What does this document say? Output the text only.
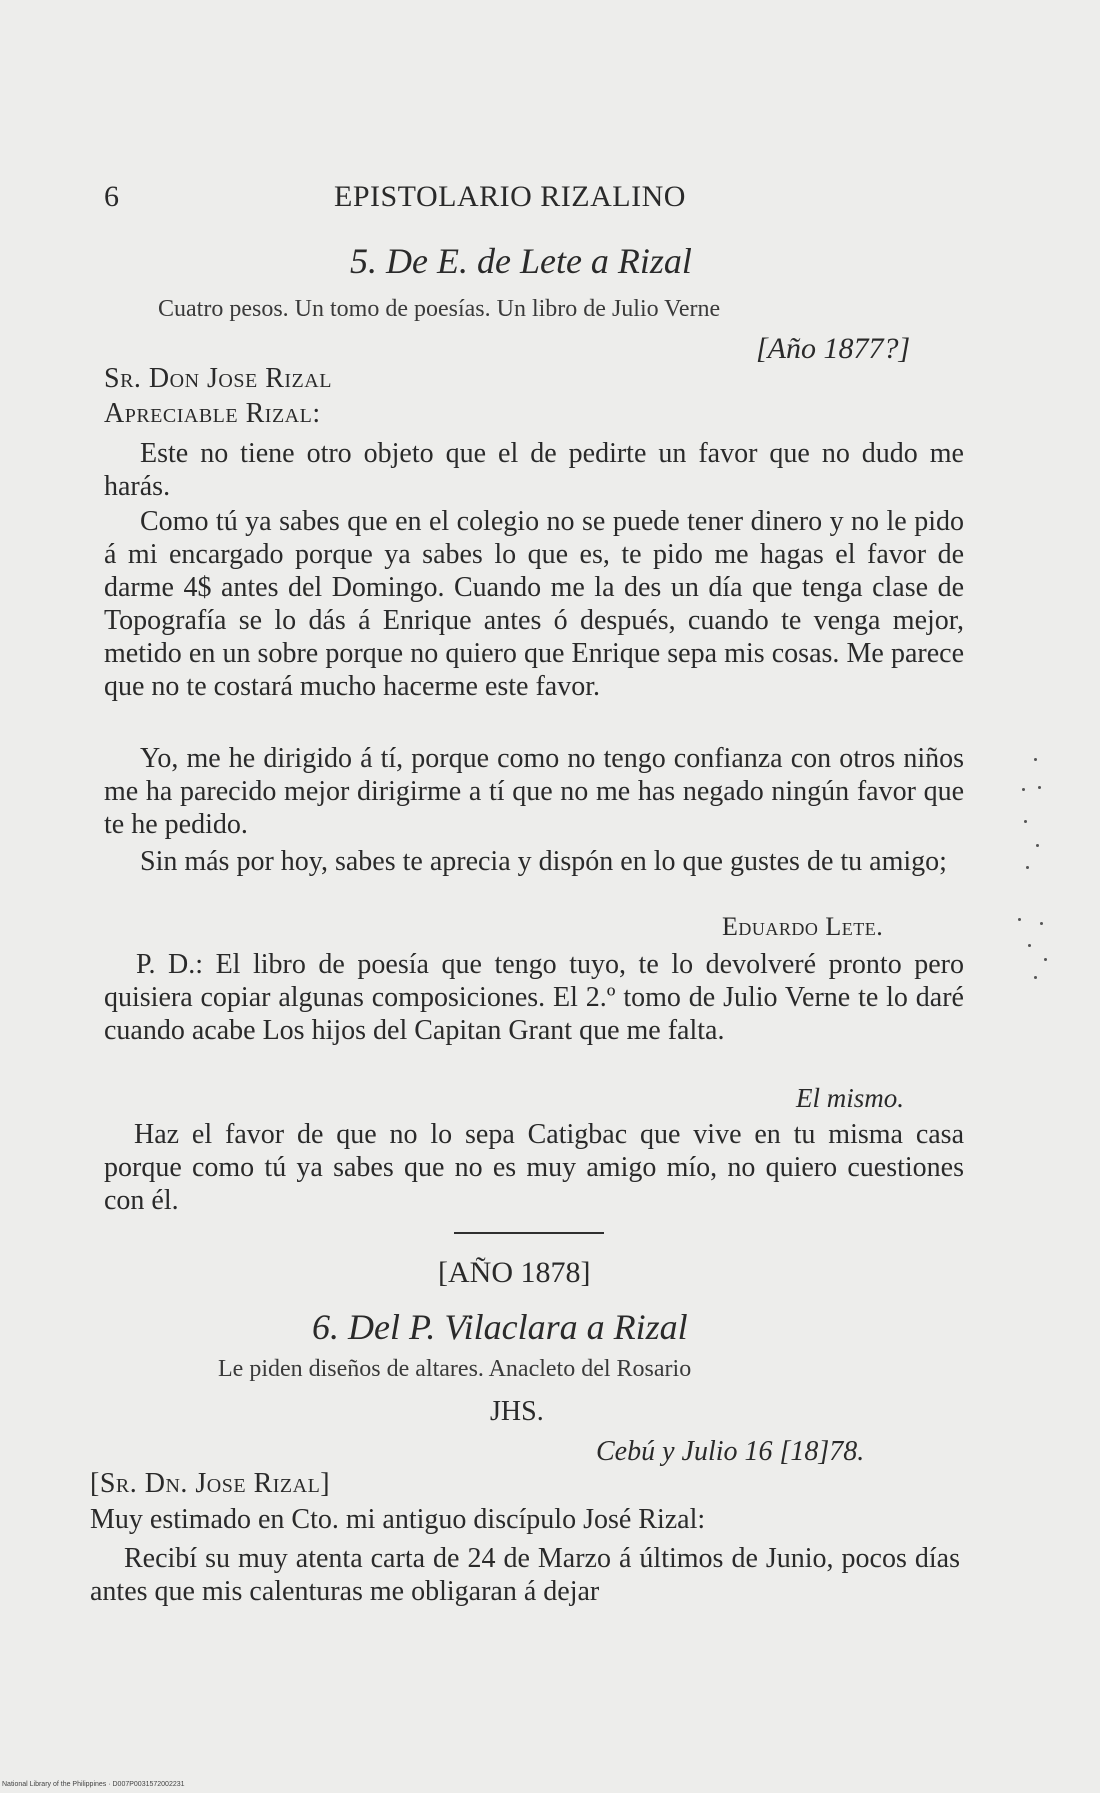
6	EPISTOLARIO RIZALINO
5. De E. de Lete a Rizal
Cuatro pesos. Un tomo de poesías. Un libro de Julio Verne
[Año 1877?]
Sr. Don Jose Rizal
Apreciable Rizal:
Este no tiene otro objeto que el de pedirte un favor que no dudo me harás.
Como tú ya sabes que en el colegio no se puede tener dinero y no le pido á mi encargado porque ya sabes lo que es, te pido me hagas el favor de darme 4$ antes del Domingo. Cuando me la des un día que tenga clase de Topografía se lo dás á Enrique antes ó después, cuando te venga mejor, metido en un sobre porque no quiero que Enrique sepa mis cosas. Me parece que no te costará mucho hacerme este favor.
Yo, me he dirigido á tí, porque como no tengo confianza con otros niños me ha parecido mejor dirigirme a tí que no me has negado ningún favor que te he pedido.
Sin más por hoy, sabes te aprecia y dispón en lo que gustes de tu amigo;
Eduardo Lete.
P. D.: El libro de poesía que tengo tuyo, te lo devolveré pronto pero quisiera copiar algunas composiciones. El 2.º tomo de Julio Verne te lo daré cuando acabe Los hijos del Capitan Grant que me falta.
El mismo.
Haz el favor de que no lo sepa Catigbac que vive en tu misma casa porque como tú ya sabes que no es muy amigo mío, no quiero cuestiones con él.
[AÑO 1878]
6. Del P. Vilaclara a Rizal
Le piden diseños de altares. Anacleto del Rosario
JHS.
Cebú y Julio 16 [18]78.
[Sr. Dn. Jose Rizal]
Muy estimado en Cto. mi antiguo discípulo José Rizal:
Recibí su muy atenta carta de 24 de Marzo á últimos de Junio, pocos días antes que mis calenturas me obligaran á dejar
National Library of the Philippines · D007P0031572002231
